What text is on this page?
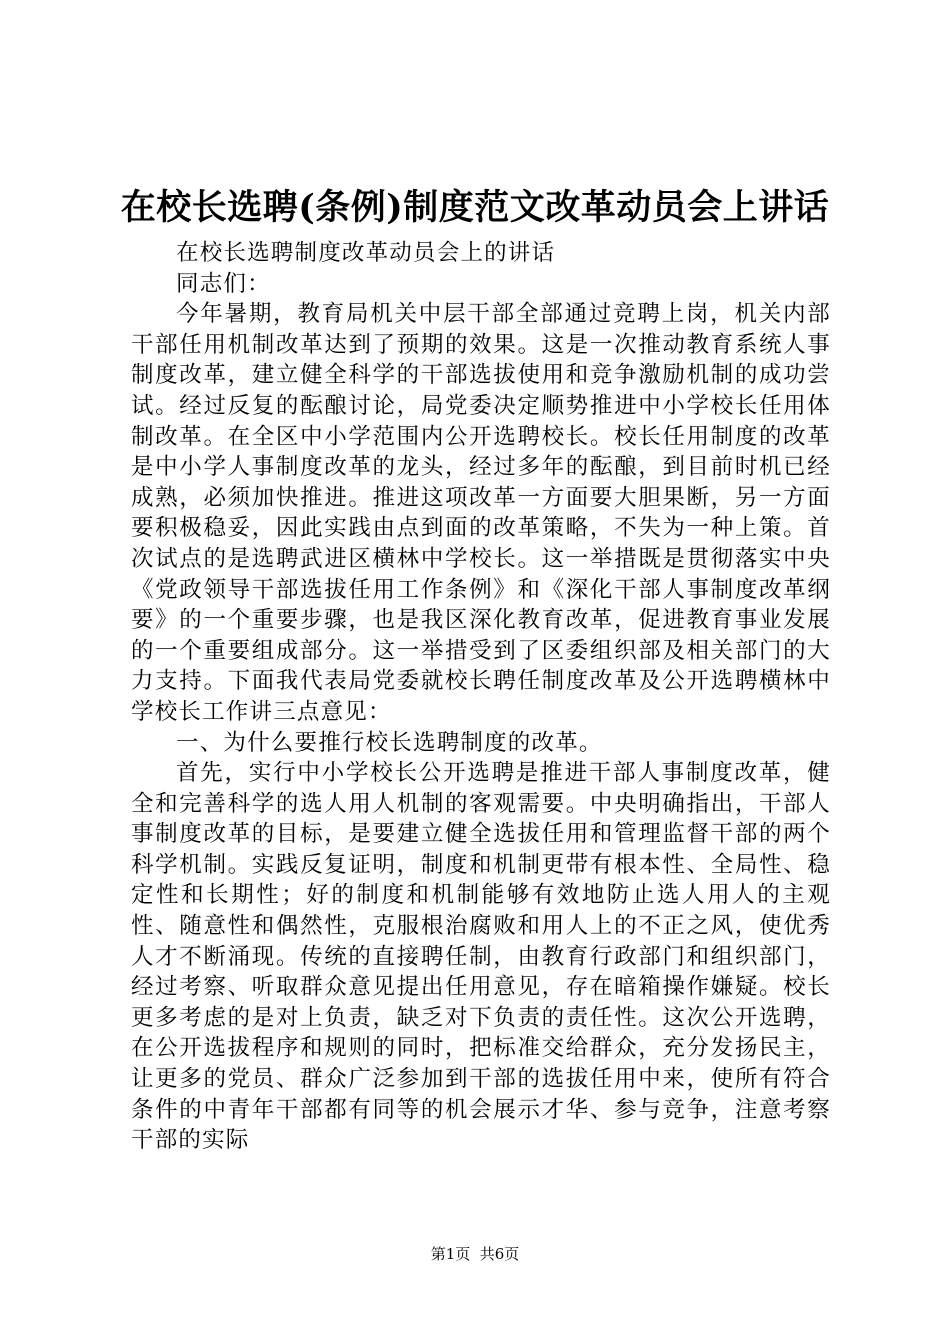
在校长选聘(条例)制度范文改革动员会上讲话

在校长选聘制度改革动员会上的讲话

同志们：

今年暑期，教育局机关中层干部全部通过竞聘上岗，机关内部干部任用机制改革达到了预期的效果。这是一次推动教育系统人事制度改革，建立健全科学的干部选拔使用和竞争激励机制的成功尝试。经过反复的酝酿讨论，局党委决定顺势推进中小学校长任用体制改革。在全区中小学范围内公开选聘校长。校长任用制度的改革是中小学人事制度改革的龙头，经过多年的酝酿，到目前时机已经成熟，必须加快推进。推进这项改革一方面要大胆果断，另一方面要积极稳妥，因此实践由点到面的改革策略，不失为一种上策。首次试点的是选聘武进区横林中学校长。这一举措既是贯彻落实中央《党政领导干部选拔任用工作条例》和《深化干部人事制度改革纲要》的一个重要步骤，也是我区深化教育改革，促进教育事业发展的一个重要组成部分。这一举措受到了区委组织部及相关部门的大力支持。下面我代表局党委就校长聘任制度改革及公开选聘横林中学校长工作讲三点意见：

一、为什么要推行校长选聘制度的改革。

首先，实行中小学校长公开选聘是推进干部人事制度改革，健全和完善科学的选人用人机制的客观需要。中央明确指出，干部人事制度改革的目标，是要建立健全选拔任用和管理监督干部的两个科学机制。实践反复证明，制度和机制更带有根本性、全局性、稳定性和长期性；好的制度和机制能够有效地防止选人用人的主观性、随意性和偶然性，克服根治腐败和用人上的不正之风，使优秀人才不断涌现。传统的直接聘任制，由教育行政部门和组织部门，经过考察、听取群众意见提出任用意见，存在暗箱操作嫌疑。校长更多考虑的是对上负责，缺乏对下负责的责任性。这次公开选聘，在公开选拔程序和规则的同时，把标准交给群众，充分发扬民主，让更多的党员、群众广泛参加到干部的选拔任用中来，使所有符合条件的中青年干部都有同等的机会展示才华、参与竞争，注意考察干部的实际

第1页  共6页
